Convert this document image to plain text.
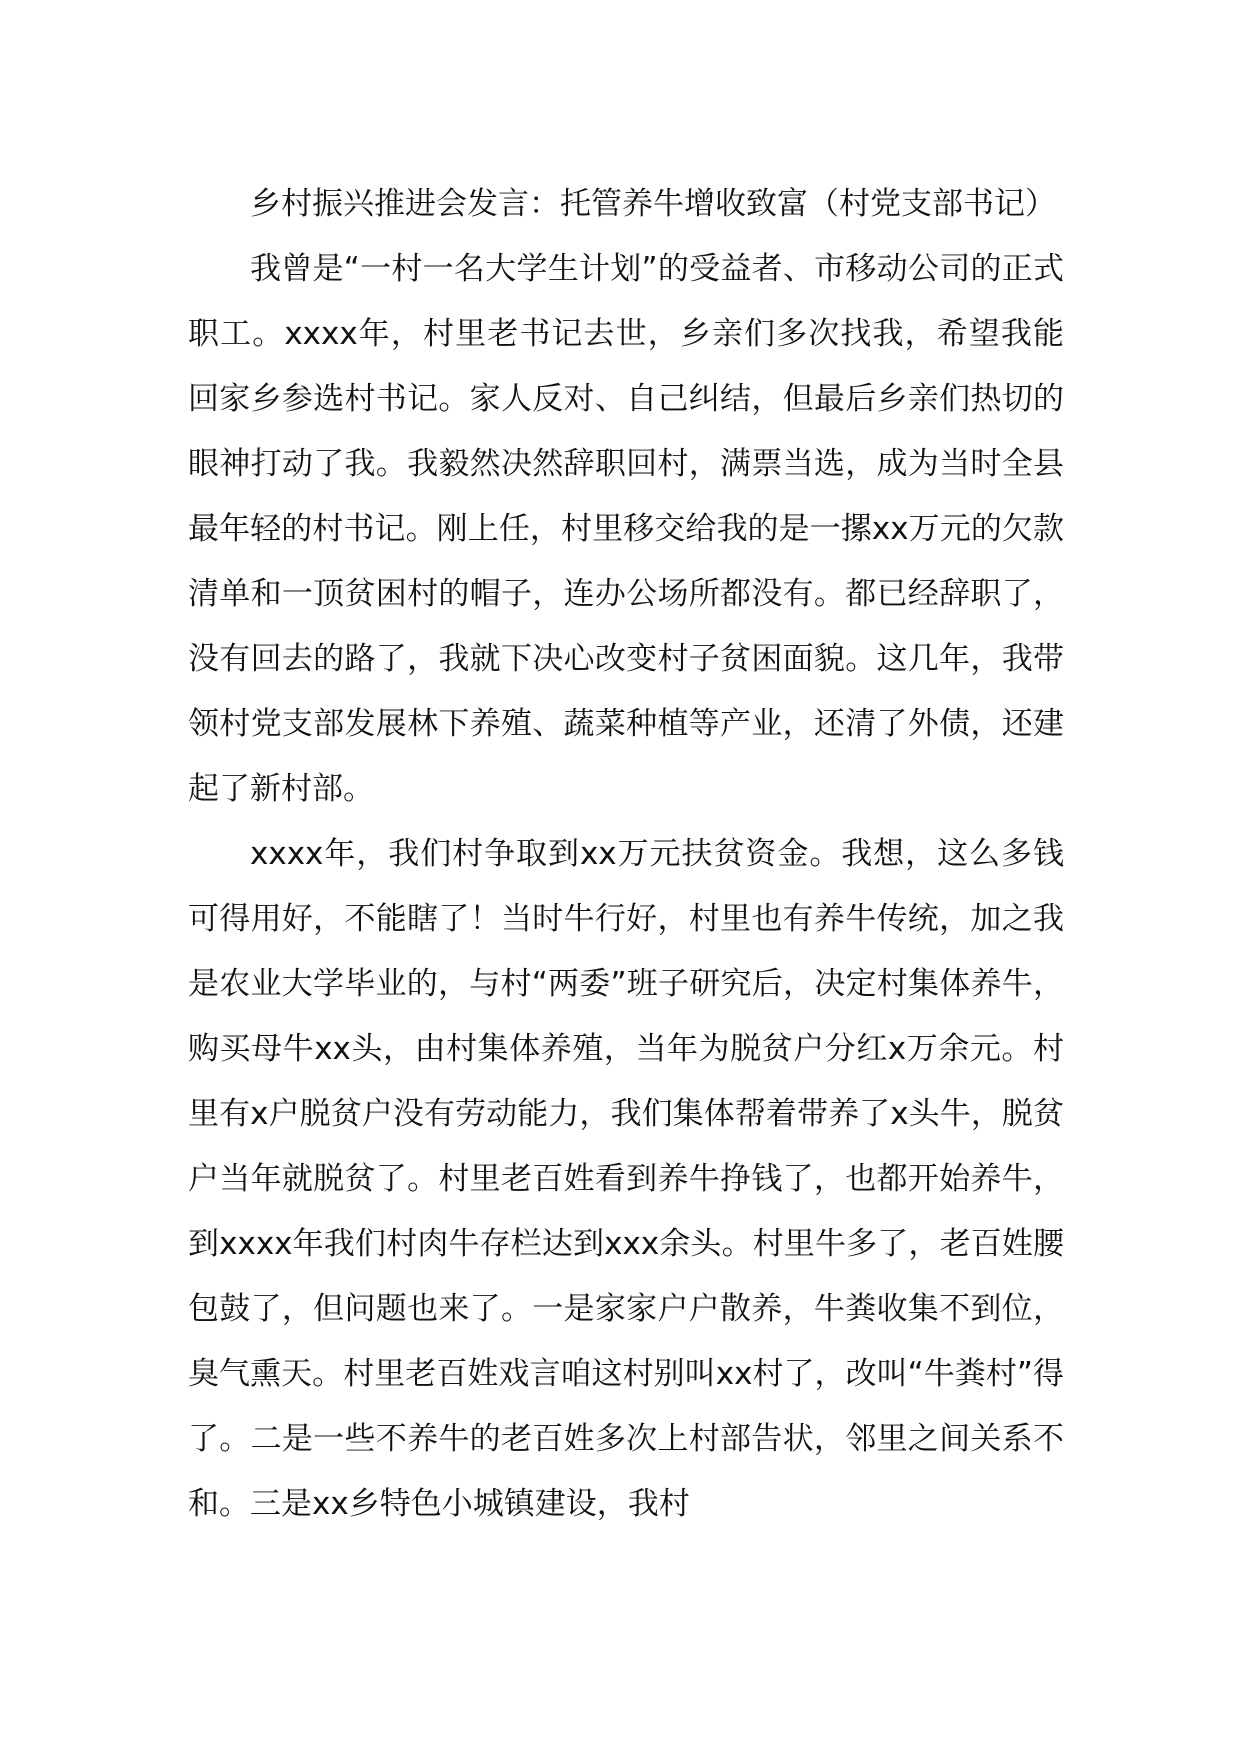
乡村振兴推进会发言：托管养牛增收致富（村党支部书记）

我曾是“一村一名大学生计划”的受益者、市移动公司的正式职工。xxxx年，村里老书记去世，乡亲们多次找我，希望我能回家乡参选村书记。家人反对、自己纠结，但最后乡亲们热切的眼神打动了我。我毅然决然辞职回村，满票当选，成为当时全县最年轻的村书记。刚上任，村里移交给我的是一摞xx万元的欠款清单和一顶贫困村的帽子，连办公场所都没有。都已经辞职了，没有回去的路了，我就下决心改变村子贫困面貌。这几年，我带领村党支部发展林下养殖、蔬菜种植等产业，还清了外债，还建起了新村部。

xxxx年，我们村争取到xx万元扶贫资金。我想，这么多钱可得用好，不能瞎了！当时牛行好，村里也有养牛传统，加之我是农业大学毕业的，与村“两委”班子研究后，决定村集体养牛，购买母牛xx头，由村集体养殖，当年为脱贫户分红x万余元。村里有x户脱贫户没有劳动能力，我们集体帮着带养了x头牛，脱贫户当年就脱贫了。村里老百姓看到养牛挣钱了，也都开始养牛，到xxxx年我们村肉牛存栏达到xxx余头。村里牛多了，老百姓腰包鼓了，但问题也来了。一是家家户户散养，牛粪收集不到位，臭气熏天。村里老百姓戏言咱这村别叫xx村了，改叫“牛粪村”得了。二是一些不养牛的老百姓多次上村部告状，邻里之间关系不和。三是xx乡特色小城镇建设，我村
